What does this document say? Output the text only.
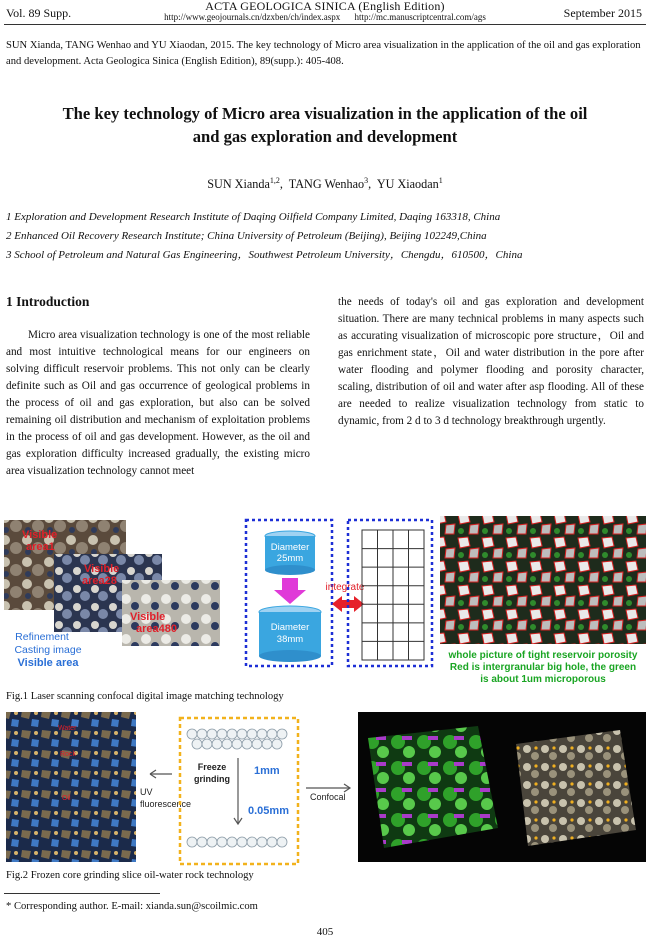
Vol. 89 Supp.	ACTA GEOLOGICA SINICA (English Edition)
http://www.geojournals.cn/dzxben/ch/index.aspx http://mc.manuscriptcentral.com/ags	September 2015
SUN Xianda, TANG Wenhao and YU Xiaodan, 2015. The key technology of Micro area visualization in the application of the oil and gas exploration and development. Acta Geologica Sinica (English Edition), 89(supp.): 405-408.
The key technology of Micro area visualization in the application of the oil
and gas exploration and development
SUN Xianda$^{1,2}$,  TANG Wenhao$^3$,  YU Xiaodan$^1$
1 Exploration and Development Research Institute of Daqing Oilfield Company Limited, Daqing 163318, China
2 Enhanced Oil Recovery Research Institute; China University of Petroleum (Beijing), Beijing 102249,China
3 School of Petroleum and Natural Gas Engineering，Southwest Petroleum University，Chengdu，610500，China
1 Introduction
Micro area visualization technology is one of the most reliable and most intuitive technological means for our engineers on solving difficult reservoir problems. This not only can be clearly definite such as Oil and gas occurrence of geological problems in the process of oil and gas exploration, but also can be solved remaining oil distribution and mechanism of exploitation problems in the process of oil and gas development. However, as the oil and gas exploration difficulty increased gradually, the existing micro area visualization technology cannot meet
the needs of today's oil and gas exploration and development situation. There are many technical problems in many aspects such as accurating visualization of microscopic pore structure，Oil and gas enrichment state，Oil and water distribution in the pore after water flooding and polymer flooding and porosity character, scaling, distribution of oil and water after asp flooding. All of these are needed to realize visualization technology from static to dynamic, from 2 d to 3 d technology breakthrough urgently.
Visible
area1
Visible
area28
Visible
area480
Refinement
Casting image
Visible area
Diameter
25mm
Diameter
38mm
integrate
whole picture of tight reservoir porosity
Red is intergranular big hole, the green
is about 1um microporous
Fig.1 Laser scanning confocal digital image matching technology
Water
Rock
Oil
UV
fluorescence
Freeze
grinding
1mm
0.05mm
Confocal
Fig.2 Frozen core grinding slice oil-water rock technology
* Corresponding author. E-mail: xianda.sun@scoilmic.com
405
